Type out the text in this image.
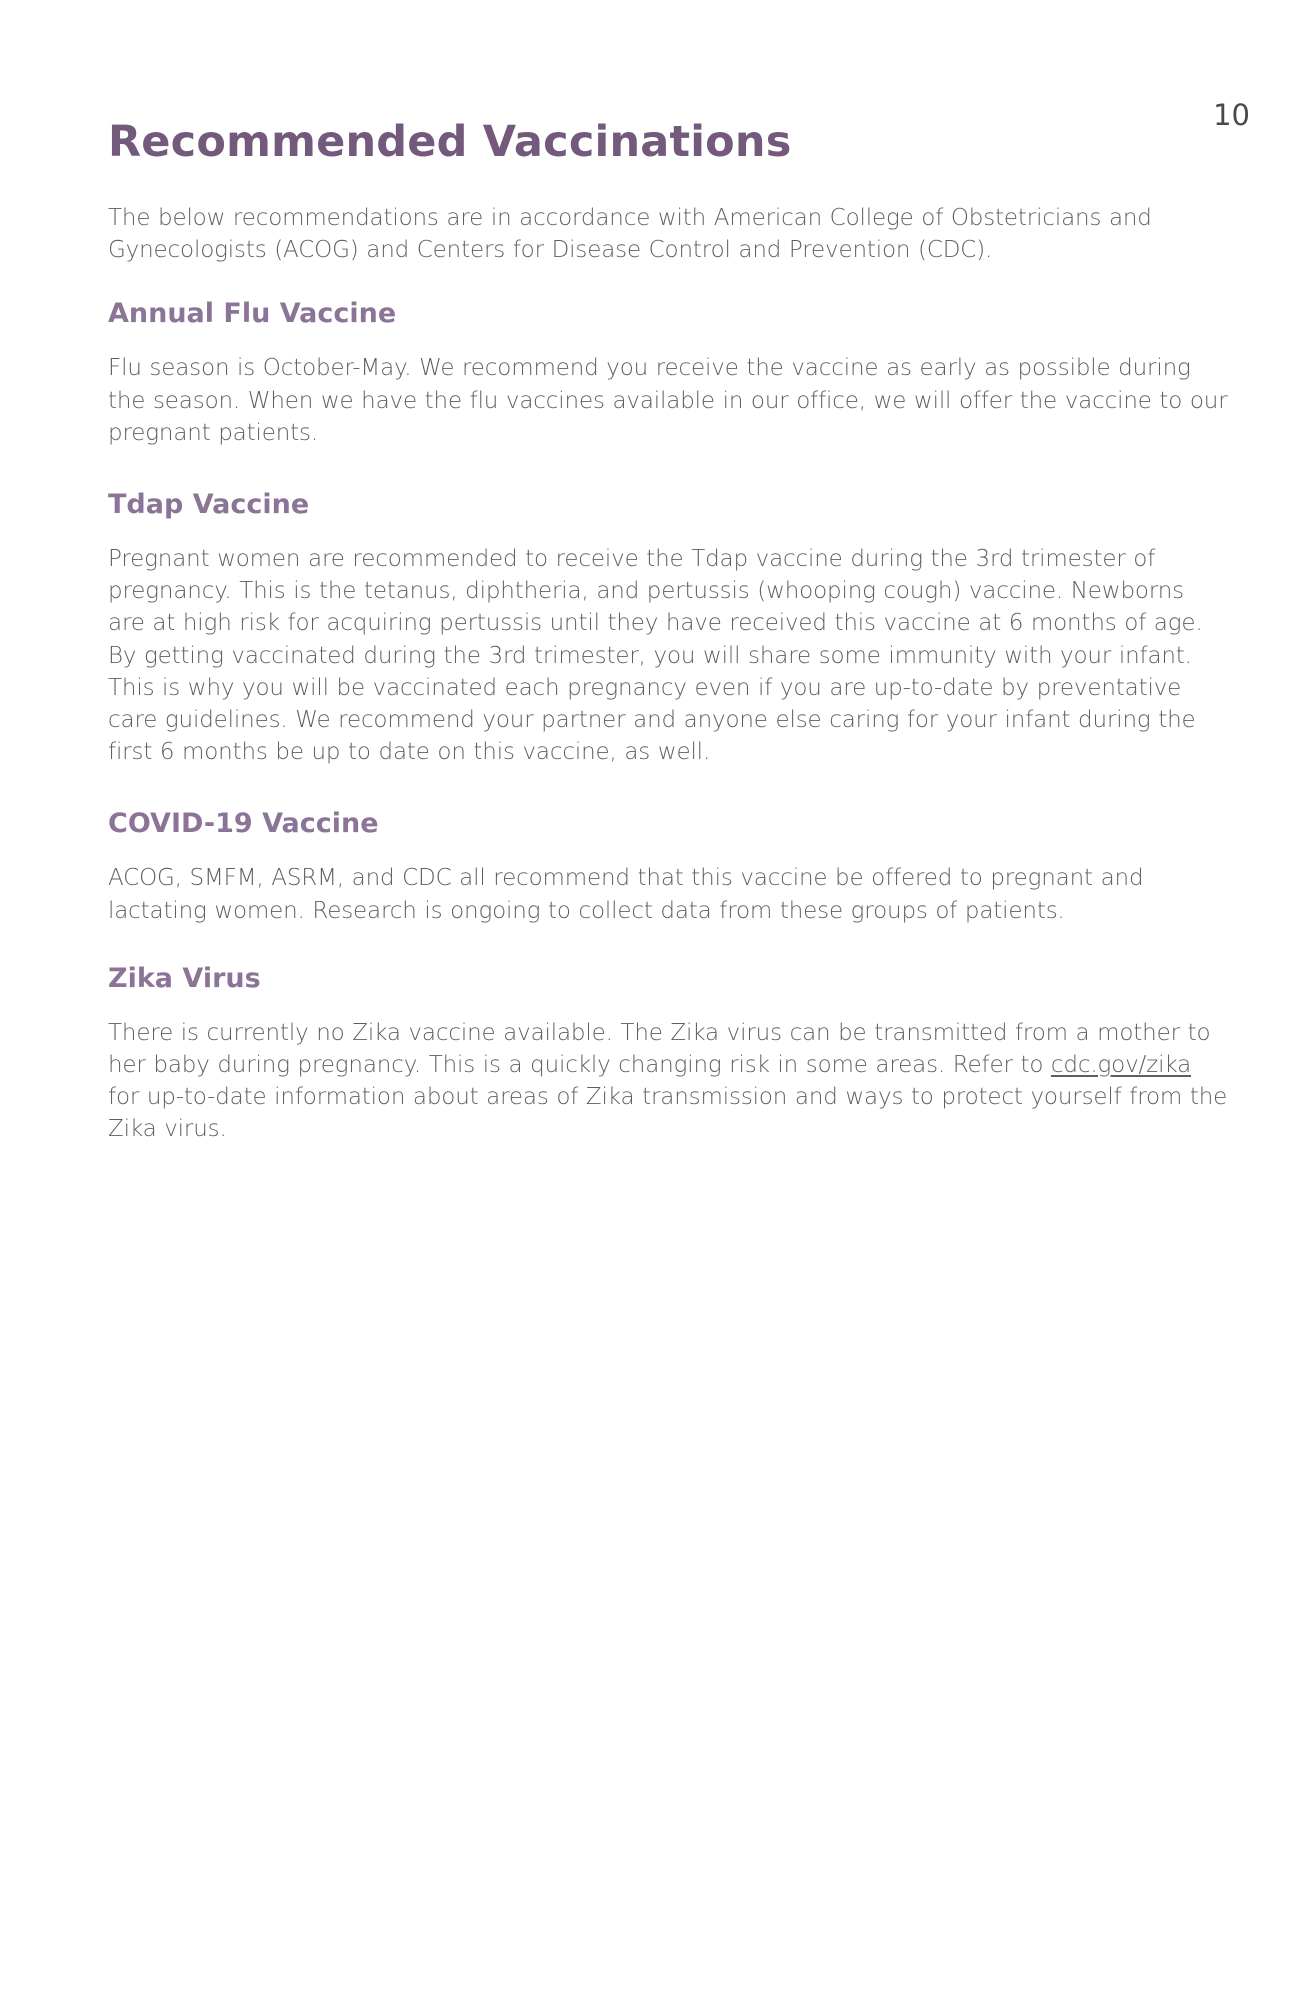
10
Recommended Vaccinations

The below recommendations are in accordance with American College of Obstetricians and Gynecologists (ACOG) and Centers for Disease Control and Prevention (CDC).

Annual Flu Vaccine

Flu season is October-May. We recommend you receive the vaccine as early as possible during the season. When we have the flu vaccines available in our office, we will offer the vaccine to our pregnant patients.

Tdap Vaccine

Pregnant women are recommended to receive the Tdap vaccine during the 3rd trimester of pregnancy. This is the tetanus, diphtheria, and pertussis (whooping cough) vaccine. Newborns are at high risk for acquiring pertussis until they have received this vaccine at 6 months of age. By getting vaccinated during the 3rd trimester, you will share some immunity with your infant. This is why you will be vaccinated each pregnancy even if you are up-to-date by preventative care guidelines. We recommend your partner and anyone else caring for your infant during the first 6 months be up to date on this vaccine, as well.

COVID-19 Vaccine

ACOG, SMFM, ASRM, and CDC all recommend that this vaccine be offered to pregnant and lactating women. Research is ongoing to collect data from these groups of patients.

Zika Virus

There is currently no Zika vaccine available. The Zika virus can be transmitted from a mother to her baby during pregnancy. This is a quickly changing risk in some areas. Refer to cdc.gov/zika for up-to-date information about areas of Zika transmission and ways to protect yourself from the Zika virus.
